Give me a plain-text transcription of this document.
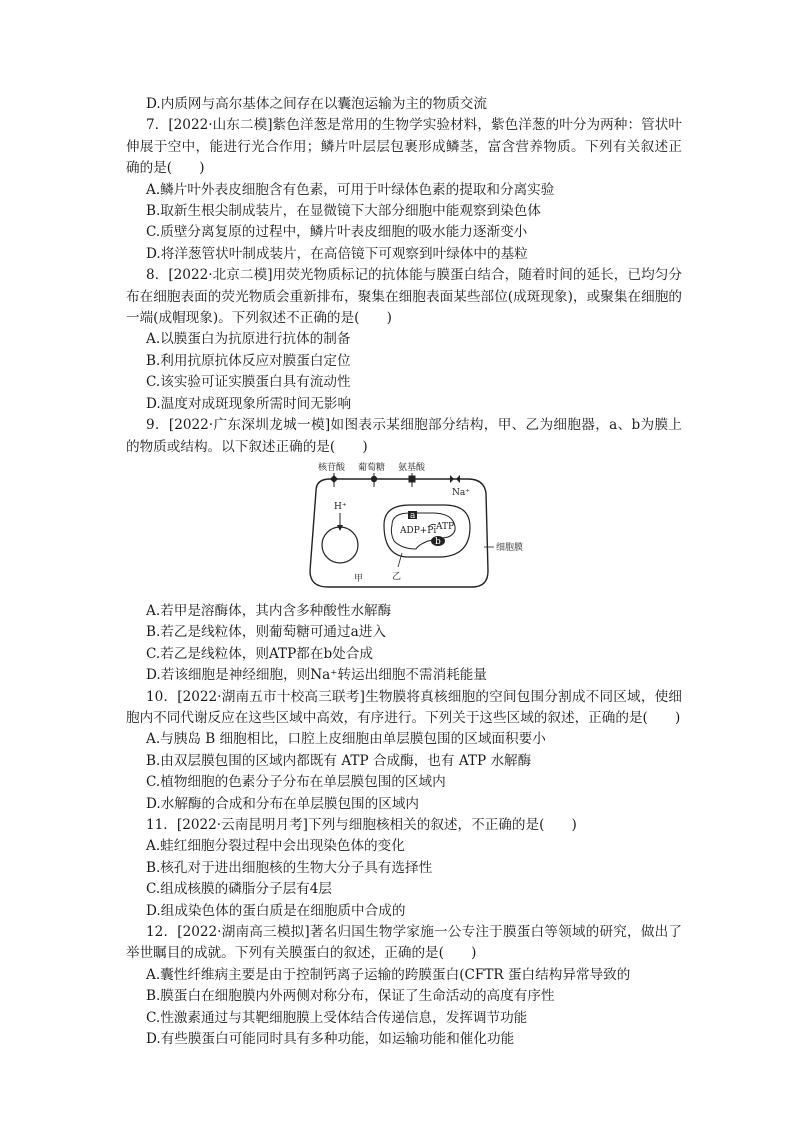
D.内质网与高尔基体之间存在以囊泡运输为主的物质交流
7．[2022·山东二模]紫色洋葱是常用的生物学实验材料，紫色洋葱的叶分为两种：管状叶伸展于空中，能进行光合作用；鳞片叶层层包裹形成鳞茎，富含营养物质。下列有关叙述正确的是(　　)
A.鳞片叶外表皮细胞含有色素，可用于叶绿体色素的提取和分离实验
B.取新生根尖制成装片，在显微镜下大部分细胞中能观察到染色体
C.质壁分离复原的过程中，鳞片叶表皮细胞的吸水能力逐渐变小
D.将洋葱管状叶制成装片，在高倍镜下可观察到叶绿体中的基粒
8．[2022·北京二模]用荧光物质标记的抗体能与膜蛋白结合，随着时间的延长，已均匀分布在细胞表面的荧光物质会重新排布，聚集在细胞表面某些部位(成斑现象)，或聚集在细胞的一端(成帽现象)。下列叙述不正确的是(　　)
A.以膜蛋白为抗原进行抗体的制备
B.利用抗原抗体反应对膜蛋白定位
C.该实验可证实膜蛋白具有流动性
D.温度对成斑现象所需时间无影响
9．[2022·广东深圳龙城一模]如图表示某细胞部分结构，甲、乙为细胞器，a、b为膜上的物质或结构。以下叙述正确的是(　　)
核苷酸 葡萄糖 氨基酸
细胞膜
Na⁺
H⁺
甲
a
ADP+Pi ATP
b
乙
A.若甲是溶酶体，其内含多种酸性水解酶
B.若乙是线粒体，则葡萄糖可通过a进入
C.若乙是线粒体，则ATP都在b处合成
D.若该细胞是神经细胞，则Na⁺转运出细胞不需消耗能量
10．[2022·湖南五市十校高三联考]生物膜将真核细胞的空间包围分割成不同区域，使细胞内不同代谢反应在这些区域中高效，有序进行。下列关于这些区域的叙述，正确的是(　　)
A.与胰岛 B 细胞相比，口腔上皮细胞由单层膜包围的区域面积要小
B.由双层膜包围的区域内都既有 ATP 合成酶，也有 ATP 水解酶
C.植物细胞的色素分子分布在单层膜包围的区域内
D.水解酶的合成和分布在单层膜包围的区域内
11．[2022·云南昆明月考]下列与细胞核相关的叙述，不正确的是(　　)
A.蛙红细胞分裂过程中会出现染色体的变化
B.核孔对于进出细胞核的生物大分子具有选择性
C.组成核膜的磷脂分子层有4层
D.组成染色体的蛋白质是在细胞质中合成的
12．[2022·湖南高三模拟]著名归国生物学家施一公专注于膜蛋白等领域的研究，做出了举世瞩目的成就。下列有关膜蛋白的叙述，正确的是(　　)
A.囊性纤维病主要是由于控制钙离子运输的跨膜蛋白(CFTR 蛋白结构异常导致的
B.膜蛋白在细胞膜内外两侧对称分布，保证了生命活动的高度有序性
C.性激素通过与其靶细胞膜上受体结合传递信息，发挥调节功能
D.有些膜蛋白可能同时具有多种功能，如运输功能和催化功能
